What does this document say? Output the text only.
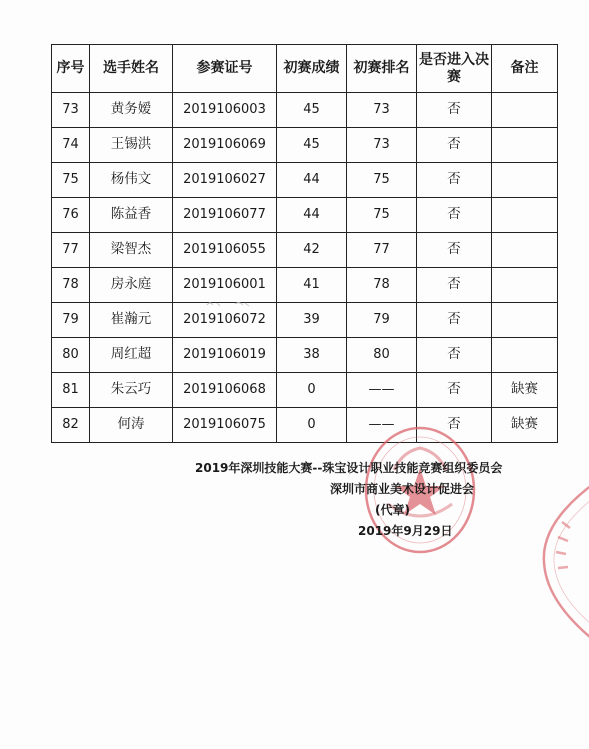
序号	选手姓名	参赛证号	初赛成绩	初赛排名	是否进入决赛	备注
73	黄务嫒	2019106003	45	73	否	
74	王锡洪	2019106069	45	73	否	
75	杨伟文	2019106027	44	75	否	
76	陈益香	2019106077	44	75	否	
77	梁智杰	2019106055	42	77	否	
78	房永庭	2019106001	41	78	否	
79	崔瀚元	2019106072	39	79	否	
80	周红超	2019106019	38	80	否	
81	朱云巧	2019106068	0	——	否	缺赛
82	何涛	2019106075	0	——	否	缺赛
2019年深圳技能大赛--珠宝设计职业技能竞赛组织委员会
深圳市商业美术设计促进会
(代章)
2019年9月29日
